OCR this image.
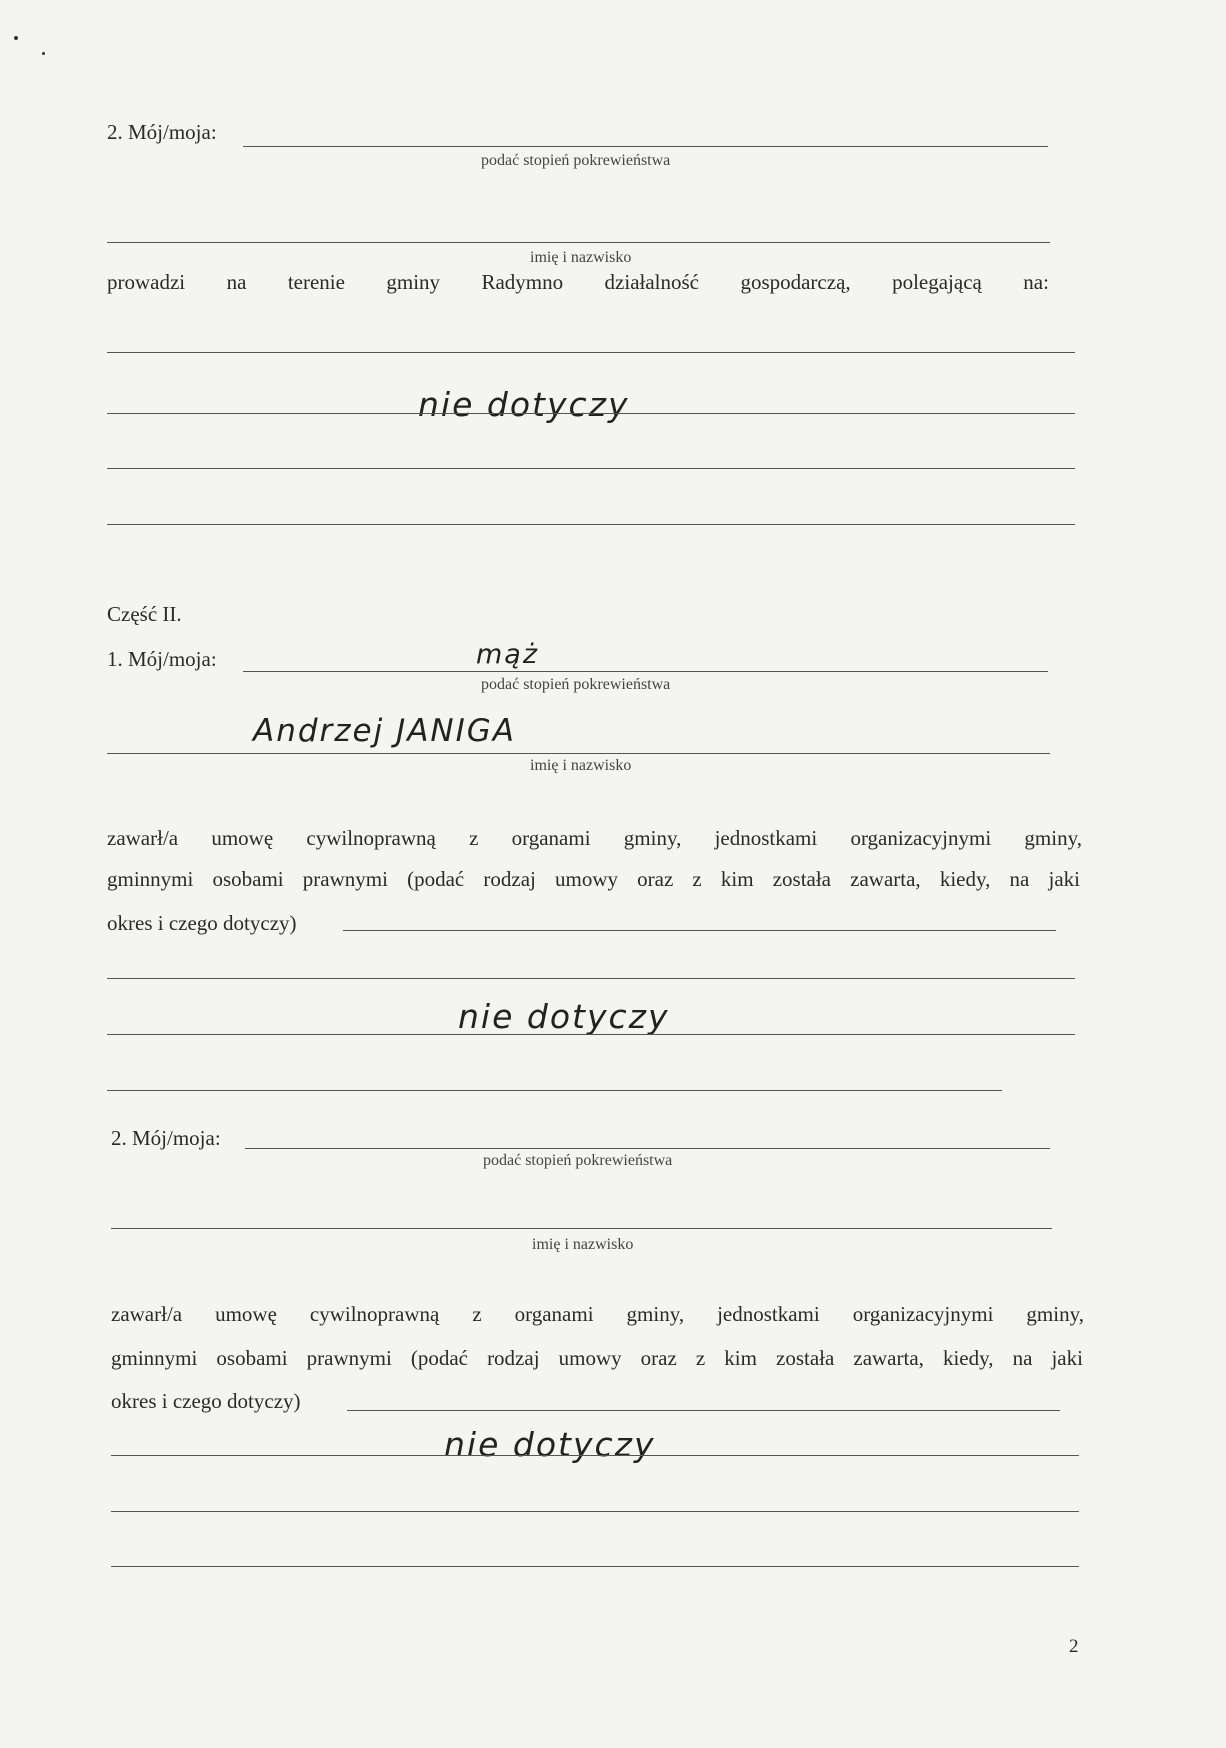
2. Mój/moja:
podać stopień pokrewieństwa
imię i nazwisko
prowadzi na terenie gminy Radymno działalność gospodarczą, polegającą na:
nie dotyczy
Część II.
1. Mój/moja:	mąż
podać stopień pokrewieństwa
Andrzej JANIGA
imię i nazwisko
zawarł/a umowę cywilnoprawną z organami gminy, jednostkami organizacyjnymi gminy,
gminnymi osobami prawnymi (podać rodzaj umowy oraz z kim została zawarta, kiedy, na jaki
okres i czego dotyczy)
nie dotyczy
2. Mój/moja:
podać stopień pokrewieństwa
imię i nazwisko
zawarł/a umowę cywilnoprawną z organami gminy, jednostkami organizacyjnymi gminy,
gminnymi osobami prawnymi (podać rodzaj umowy oraz z kim została zawarta, kiedy, na jaki
okres i czego dotyczy)
nie dotyczy
2
